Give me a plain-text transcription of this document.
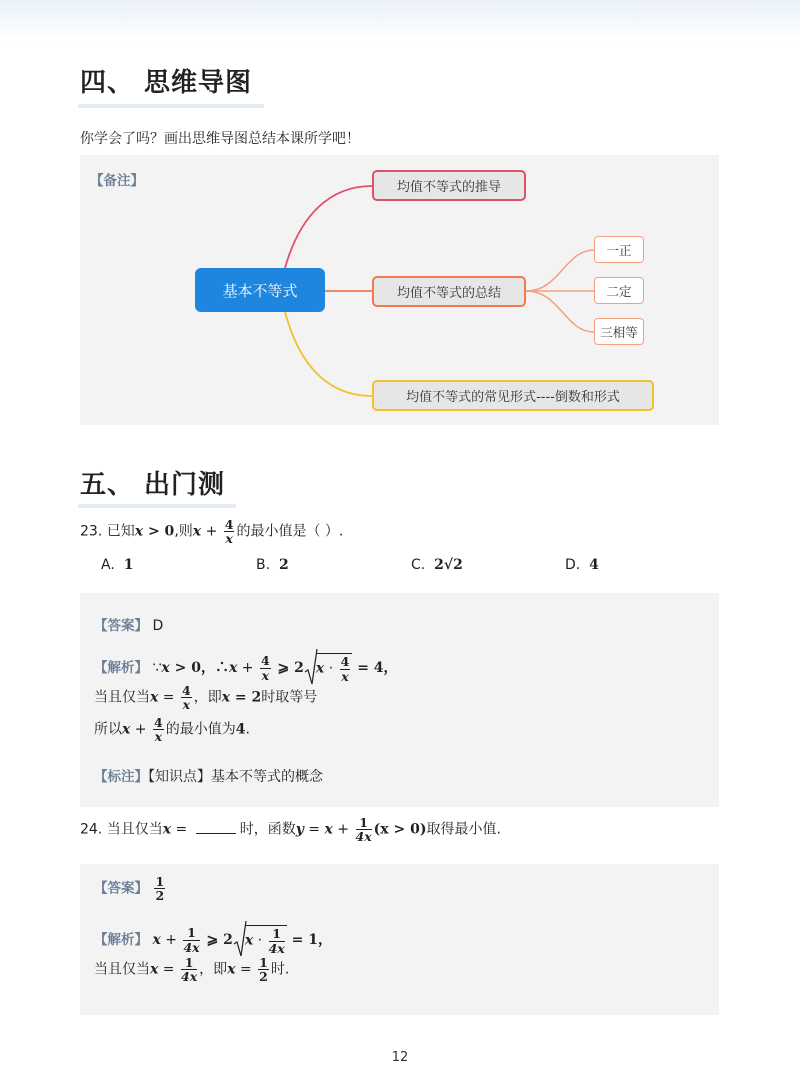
四、 思维导图
你学会了吗？画出思维导图总结本课所学吧！
【备注】
基本不等式
均值不等式的推导
均值不等式的总结
均值不等式的常见形式----倒数和形式
一正
二定
三相等
五、 出门测
23. 已知x > 0,则$x + \frac{4}{x}$ 的最小值是（ ）.
A. 1	B. 2	C. 2√2	D. 4
【答案】 D
【解析】 ∵x > 0，∴x + $\frac{4}{x}$ ⩾ 2 $x \cdot \frac{4}{x} = 4$，
当且仅当$x = \frac{4}{x}$ ，即x = 2时取等号
所以$x + \frac{4}{x}$ 的最小值为4.
【标注】【知识点】基本不等式的概念
24. 当且仅当x =	时，函数$y = x + \frac{1}{4x} (x > 0)$取得最小值.
【答案】 $\frac{1}{2}$
【解析】 $x + \frac{1}{4x}$ ⩾ 2 $x \cdot \frac{1}{4x} = 1$，
当且仅当$x = \frac{1}{4x}$ ，即$x = \frac{1}{2}$ 时.
12
